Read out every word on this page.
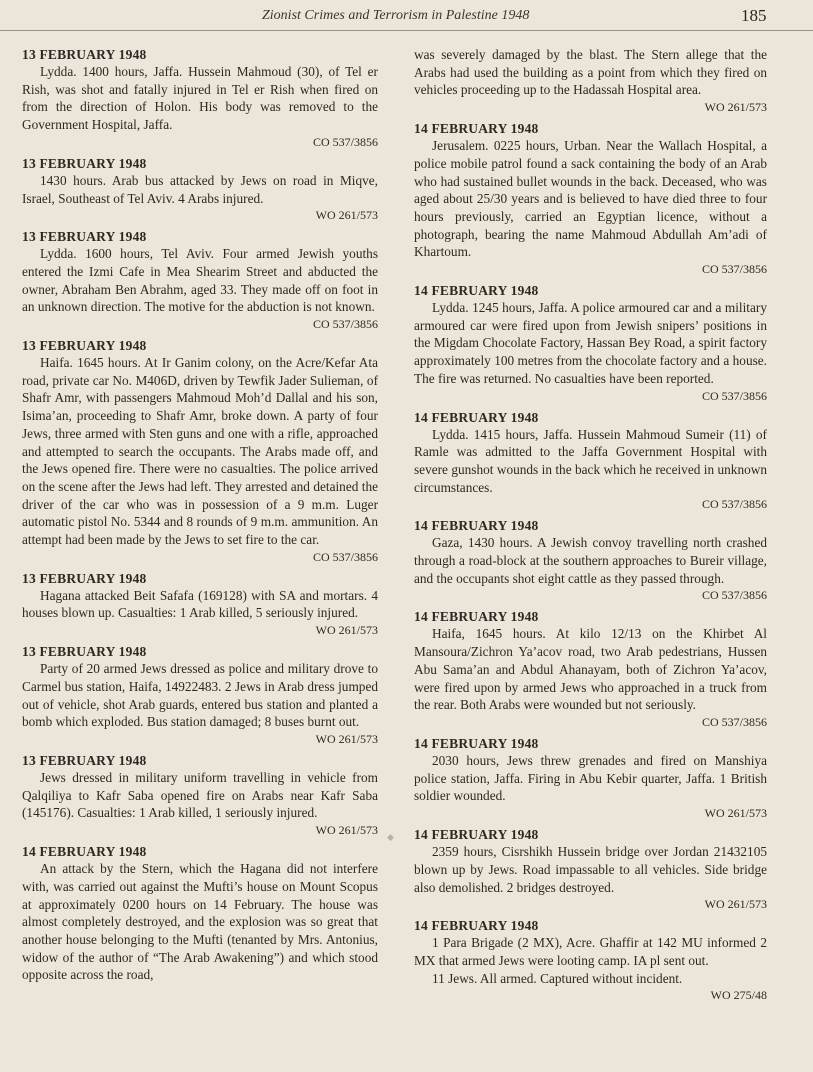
Zionist Crimes and Terrorism in Palestine 1948	185

13 FEBRUARY 1948

Lydda. 1400 hours, Jaffa. Hussein Mahmoud (30), of Tel er Rish, was shot and fatally injured in Tel er Rish when fired on from the direction of Holon. His body was removed to the Government Hospital, Jaffa.

CO 537/3856

13 FEBRUARY 1948

1430 hours. Arab bus attacked by Jews on road in Miqve, Israel, Southeast of Tel Aviv. 4 Arabs injured.

WO 261/573

13 FEBRUARY 1948

Lydda. 1600 hours, Tel Aviv. Four armed Jewish youths entered the Izmi Cafe in Mea Shearim Street and abducted the owner, Abraham Ben Abrahm, aged 33. They made off on foot in an unknown direction. The motive for the abduction is not known.

CO 537/3856

13 FEBRUARY 1948

Haifa. 1645 hours. At Ir Ganim colony, on the Acre/Kefar Ata road, private car No. M406D, driven by Tewfik Jader Sulieman, of Shafr Amr, with passengers Mahmoud Moh’d Dallal and his son, Isima’an, proceeding to Shafr Amr, broke down. A party of four Jews, three armed with Sten guns and one with a rifle, approached and attempted to search the occupants. The Arabs made off, and the Jews opened fire. There were no casualties. The police arrived on the scene after the Jews had left. They arrested and detained the driver of the car who was in possession of a 9 m.m. Luger automatic pistol No. 5344 and 8 rounds of 9 m.m. ammunition. An attempt had been made by the Jews to set fire to the car.

CO 537/3856

13 FEBRUARY 1948

Hagana attacked Beit Safafa (169128) with SA and mortars. 4 houses blown up. Casualties: 1 Arab killed, 5 seriously injured.

WO 261/573

13 FEBRUARY 1948

Party of 20 armed Jews dressed as police and military drove to Carmel bus station, Haifa, 14922483. 2 Jews in Arab dress jumped out of vehicle, shot Arab guards, entered bus station and planted a bomb which exploded. Bus station damaged; 8 buses burnt out.

WO 261/573

13 FEBRUARY 1948

Jews dressed in military uniform travelling in vehicle from Qalqiliya to Kafr Saba opened fire on Arabs near Kafr Saba (145176). Casualties: 1 Arab killed, 1 seriously injured.

WO 261/573

14 FEBRUARY 1948

An attack by the Stern, which the Hagana did not interfere with, was carried out against the Mufti’s house on Mount Scopus at approximately 0200 hours on 14 February. The house was almost completely destroyed, and the explosion was so great that another house belonging to the Mufti (tenanted by Mrs. Antonius, widow of the author of “The Arab Awakening”) and which stood opposite across the road,

◆

was severely damaged by the blast. The Stern allege that the Arabs had used the building as a point from which they fired on vehicles proceeding up to the Hadassah Hospital area.

WO 261/573

14 FEBRUARY 1948

Jerusalem. 0225 hours, Urban. Near the Wallach Hospital, a police mobile patrol found a sack containing the body of an Arab who had sustained bullet wounds in the back. Deceased, who was aged about 25/30 years and is believed to have died three to four hours previously, carried an Egyptian licence, without a photograph, bearing the name Mahmoud Abdullah Am’adi of Khartoum.

CO 537/3856

14 FEBRUARY 1948

Lydda. 1245 hours, Jaffa. A police armoured car and a military armoured car were fired upon from Jewish snipers’ positions in the Migdam Chocolate Factory, Hassan Bey Road, a spirit factory approximately 100 metres from the chocolate factory and a house. The fire was returned. No casualties have been reported.

CO 537/3856

14 FEBRUARY 1948

Lydda. 1415 hours, Jaffa. Hussein Mahmoud Sumeir (11) of Ramle was admitted to the Jaffa Government Hospital with severe gunshot wounds in the back which he received in unknown circumstances.

CO 537/3856

14 FEBRUARY 1948

Gaza, 1430 hours. A Jewish convoy travelling north crashed through a road-block at the southern approaches to Bureir village, and the occupants shot eight cattle as they passed through.

CO 537/3856

14 FEBRUARY 1948

Haifa, 1645 hours. At kilo 12/13 on the Khirbet Al Mansoura/Zichron Ya’acov road, two Arab pedestrians, Hussen Abu Sama’an and Abdul Ahanayam, both of Zichron Ya’acov, were fired upon by armed Jews who approached in a truck from the rear. Both Arabs were wounded but not seriously.

CO 537/3856

14 FEBRUARY 1948

2030 hours, Jews threw grenades and fired on Manshiya police station, Jaffa. Firing in Abu Kebir quarter, Jaffa. 1 British soldier wounded.

WO 261/573

14 FEBRUARY 1948

2359 hours, Cisrshikh Hussein bridge over Jordan 21432105 blown up by Jews. Road impassable to all vehicles. Side bridge also demolished. 2 bridges destroyed.

WO 261/573

14 FEBRUARY 1948

1 Para Brigade (2 MX), Acre. Ghaffir at 142 MU informed 2 MX that armed Jews were looting camp. IA pl sent out.

11 Jews. All armed. Captured without incident.

WO 275/48
